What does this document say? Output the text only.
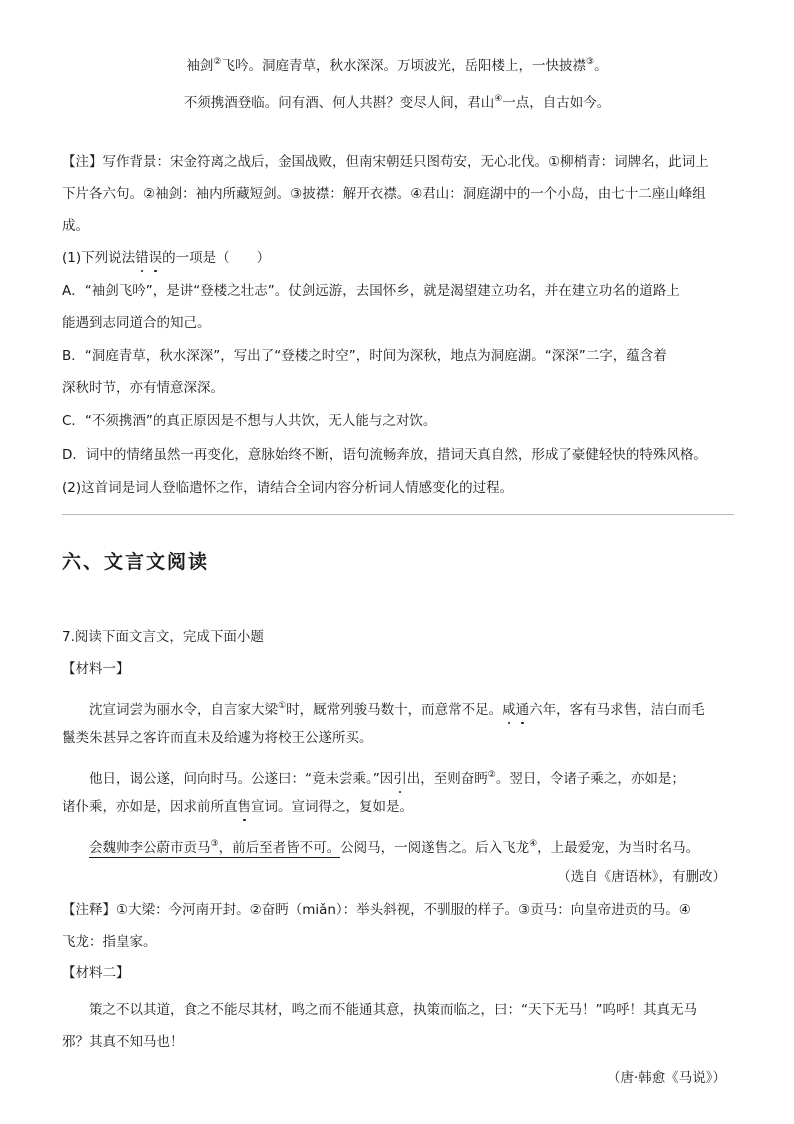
袖剑②飞吟。洞庭青草，秋水深深。万顷波光，岳阳楼上，一快披襟③。
不须携酒登临。问有酒、何人共斟？变尽人间，君山④一点，自古如今。
【注】写作背景：宋金符离之战后，金国战败，但南宋朝廷只图苟安，无心北伐。①柳梢青：词牌名，此词上
下片各六句。②袖剑：袖内所藏短剑。③披襟：解开衣襟。④君山：洞庭湖中的一个小岛，由七十二座山峰组
成。
(1)下列说法错误的一项是（　　）
A．“袖剑飞吟”，是讲“登楼之壮志”。仗剑远游，去国怀乡，就是渴望建立功名，并在建立功名的道路上
能遇到志同道合的知己。
B．“洞庭青草，秋水深深”，写出了“登楼之时空”，时间为深秋，地点为洞庭湖。“深深”二字，蕴含着
深秋时节，亦有情意深深。
C．“不须携酒”的真正原因是不想与人共饮，无人能与之对饮。
D．词中的情绪虽然一再变化，意脉始终不断，语句流畅奔放，措词天真自然，形成了豪健轻快的特殊风格。
(2)这首词是词人登临遣怀之作，请结合全词内容分析词人情感变化的过程。
六、文言文阅读
7.阅读下面文言文，完成下面小题
【材料一】
沈宣词尝为丽水令，自言家大梁①时，厩常列骏马数十，而意常不足。咸通六年，客有马求售，洁白而毛
鬣类朱甚异之客许而直未及给遽为将校王公遂所买。
他日，谒公遂，问向时马。公遂曰：“竟未尝乘。”因引出，至则奋眄②。翌日，令诸子乘之，亦如是；
诸仆乘，亦如是，因求前所直售宣词。宣词得之，复如是。
会魏帅李公蔚市贡马③，前后至者皆不可。公阅马，一阅遂售之。后入飞龙④，上最爱宠，为当时名马。
（选自《唐语林》，有删改）
【注释】①大梁：今河南开封。②奋眄（miǎn）：举头斜视，不驯服的样子。③贡马：向皇帝进贡的马。④
飞龙：指皇家。
【材料二】
策之不以其道，食之不能尽其材，鸣之而不能通其意，执策而临之，曰：“天下无马！”呜呼！其真无马
邪？其真不知马也！
（唐·韩愈《马说》）
